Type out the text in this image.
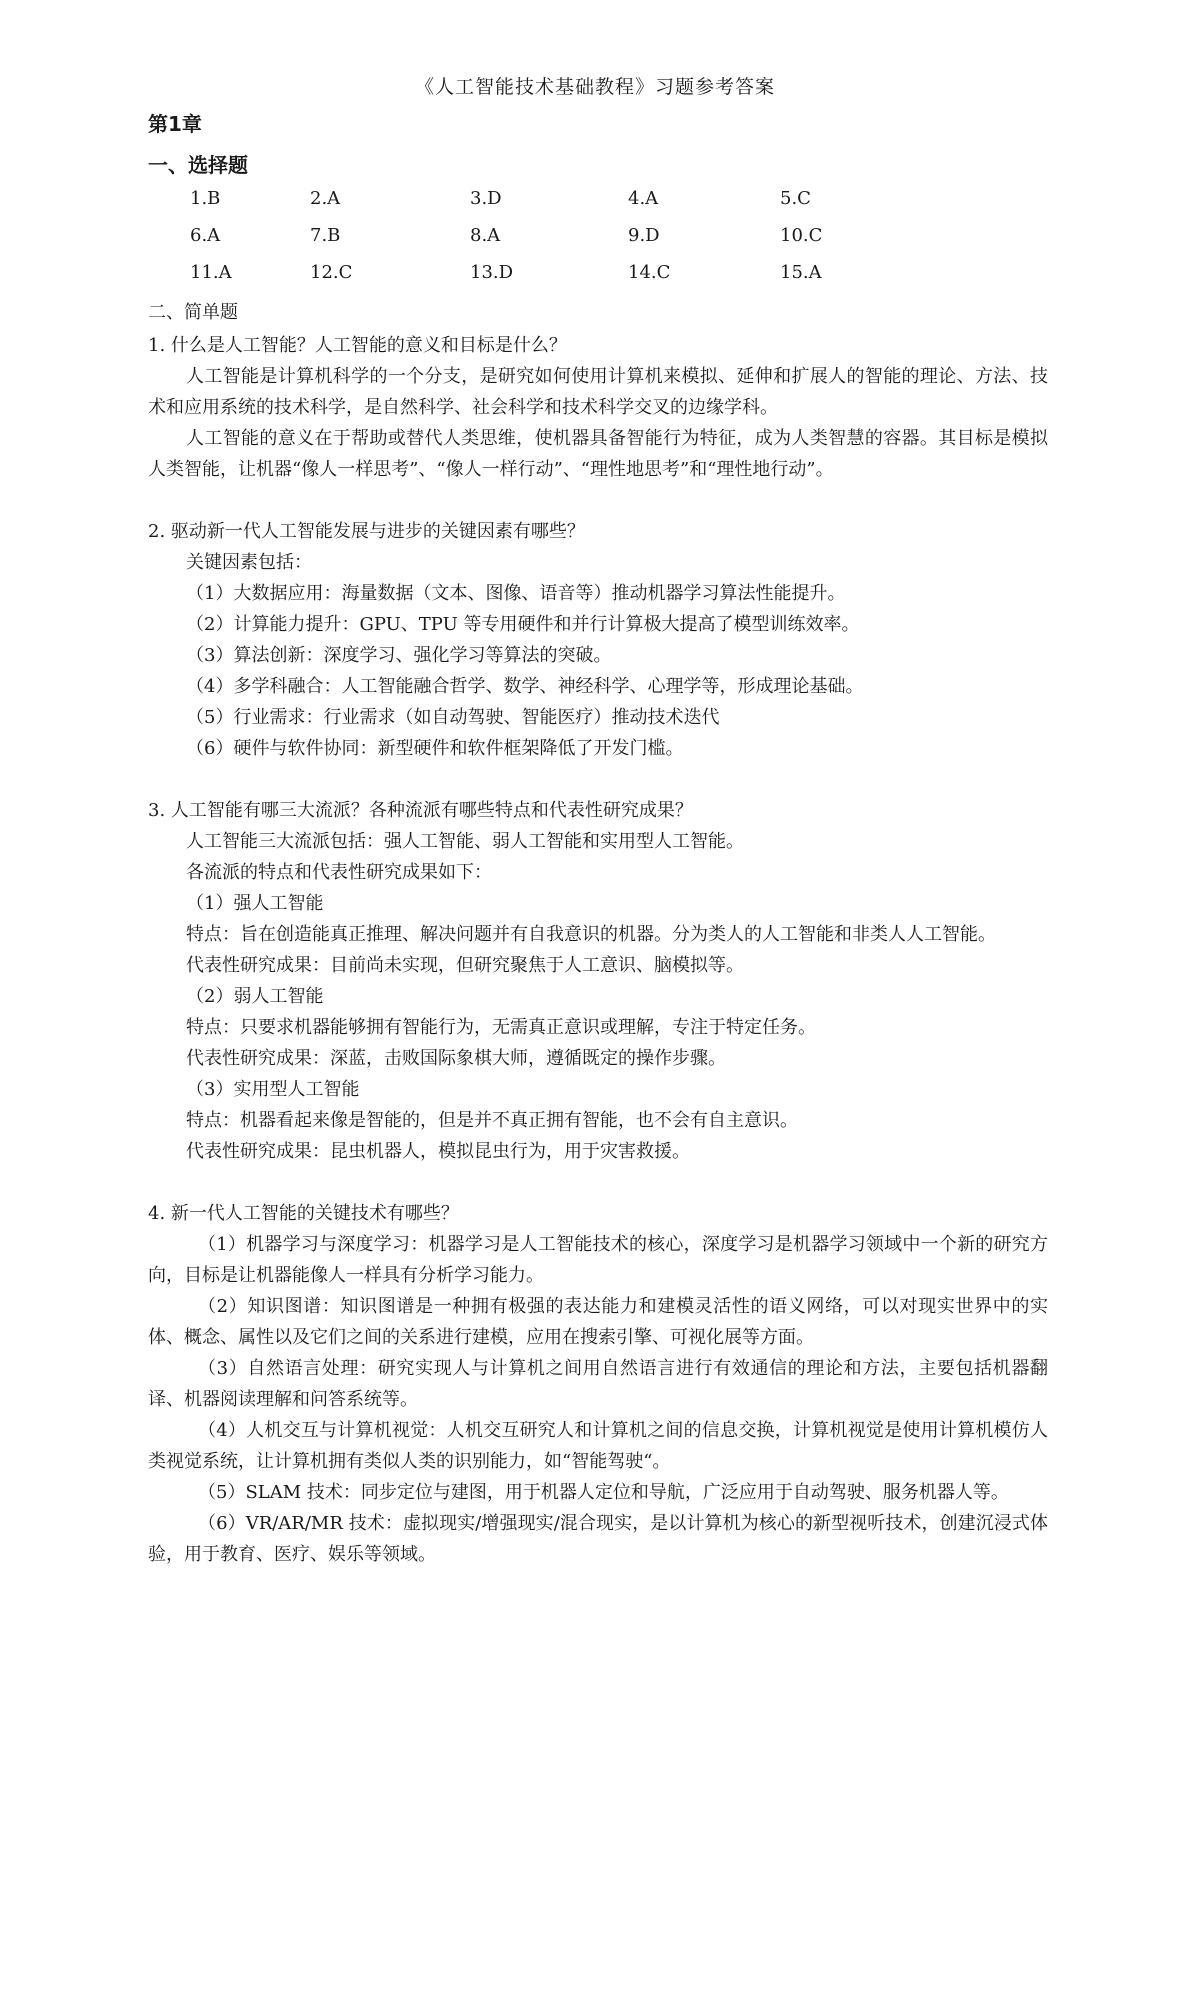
《人工智能技术基础教程》习题参考答案
第1章
一、选择题
1.B	2.A	3.D	4.A	5.C
6.A	7.B	8.A	9.D	10.C
11.A	12.C	13.D	14.C	15.A
二、简单题

1. 什么是人工智能？人工智能的意义和目标是什么？

人工智能是计算机科学的一个分支，是研究如何使用计算机来模拟、延伸和扩展人的智能的理论、方法、技术和应用系统的技术科学，是自然科学、社会科学和技术科学交叉的边缘学科。

人工智能的意义在于帮助或替代人类思维，使机器具备智能行为特征，成为人类智慧的容器。其目标是模拟人类智能，让机器“像人一样思考”、“像人一样行动”、“理性地思考”和“理性地行动”。

2. 驱动新一代人工智能发展与进步的关键因素有哪些？

关键因素包括：

（1）大数据应用：海量数据（文本、图像、语音等）推动机器学习算法性能提升。

（2）计算能力提升：GPU、TPU 等专用硬件和并行计算极大提高了模型训练效率。

（3）算法创新：深度学习、强化学习等算法的突破。

（4）多学科融合：人工智能融合哲学、数学、神经科学、心理学等，形成理论基础。

（5）行业需求：行业需求（如自动驾驶、智能医疗）推动技术迭代

（6）硬件与软件协同：新型硬件和软件框架降低了开发门槛。

3. 人工智能有哪三大流派？各种流派有哪些特点和代表性研究成果？

人工智能三大流派包括：强人工智能、弱人工智能和实用型人工智能。

各流派的特点和代表性研究成果如下：

（1）强人工智能

特点：旨在创造能真正推理、解决问题并有自我意识的机器。分为类人的人工智能和非类人人工智能。

代表性研究成果：目前尚未实现，但研究聚焦于人工意识、脑模拟等。

（2）弱人工智能

特点：只要求机器能够拥有智能行为，无需真正意识或理解，专注于特定任务。

代表性研究成果：深蓝，击败国际象棋大师，遵循既定的操作步骤。

（3）实用型人工智能

特点：机器看起来像是智能的，但是并不真正拥有智能，也不会有自主意识。

代表性研究成果：昆虫机器人，模拟昆虫行为，用于灾害救援。

4. 新一代人工智能的关键技术有哪些？

（1）机器学习与深度学习：机器学习是人工智能技术的核心，深度学习是机器学习领域中一个新的研究方向，目标是让机器能像人一样具有分析学习能力。

（2）知识图谱：知识图谱是一种拥有极强的表达能力和建模灵活性的语义网络，可以对现实世界中的实体、概念、属性以及它们之间的关系进行建模，应用在搜索引擎、可视化展等方面。

（3）自然语言处理：研究实现人与计算机之间用自然语言进行有效通信的理论和方法，主要包括机器翻译、机器阅读理解和问答系统等。

（4）人机交互与计算机视觉：人机交互研究人和计算机之间的信息交换，计算机视觉是使用计算机模仿人类视觉系统，让计算机拥有类似人类的识别能力，如“智能驾驶“。

（5）SLAM 技术：同步定位与建图，用于机器人定位和导航，广泛应用于自动驾驶、服务机器人等。

（6）VR/AR/MR 技术：虚拟现实/增强现实/混合现实，是以计算机为核心的新型视听技术，创建沉浸式体验，用于教育、医疗、娱乐等领域。
